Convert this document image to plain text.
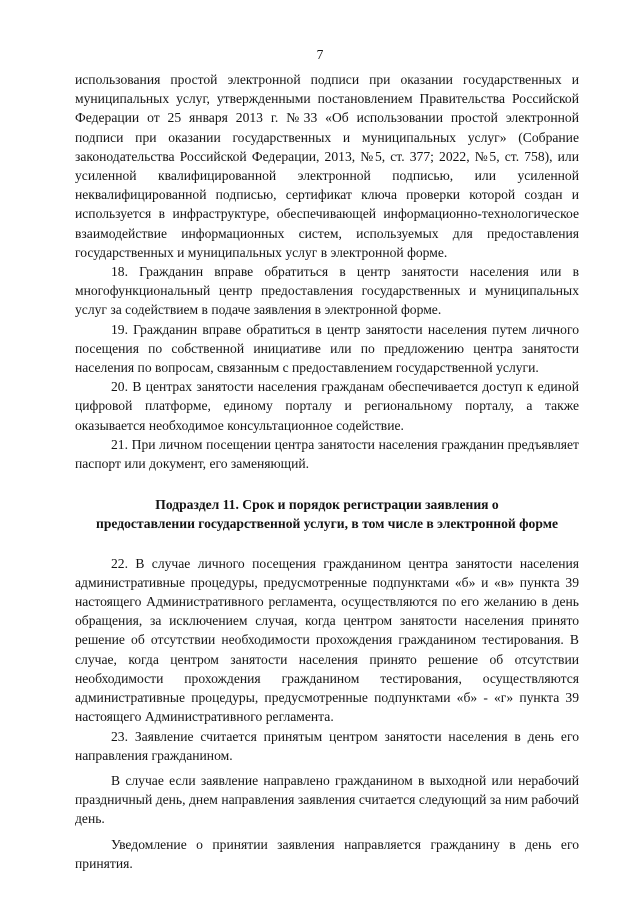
7

использования простой электронной подписи при оказании государственных и муниципальных услуг, утвержденными постановлением Правительства Российской Федерации от 25 января 2013 г. №33 «Об использовании простой электронной подписи при оказании государственных и муниципальных услуг» (Собрание законодательства Российской Федерации, 2013, №5, ст. 377; 2022, №5, ст. 758), или усиленной квалифицированной электронной подписью, или усиленной неквалифицированной подписью, сертификат ключа проверки которой создан и используется в инфраструктуре, обеспечивающей информационно-технологическое взаимодействие информационных систем, используемых для предоставления государственных и муниципальных услуг в электронной форме.

18. Гражданин вправе обратиться в центр занятости населения или в многофункциональный центр предоставления государственных и муниципальных услуг за содействием в подаче заявления в электронной форме.

19. Гражданин вправе обратиться в центр занятости населения путем личного посещения по собственной инициативе или по предложению центра занятости населения по вопросам, связанным с предоставлением государственной услуги.

20. В центрах занятости населения гражданам обеспечивается доступ к единой цифровой платформе, единому порталу и региональному порталу, а также оказывается необходимое консультационное содействие.

21. При личном посещении центра занятости населения гражданин предъявляет паспорт или документ, его заменяющий.

Подраздел 11. Срок и порядок регистрации заявления о
предоставлении государственной услуги, в том числе в электронной форме

22. В случае личного посещения гражданином центра занятости населения административные процедуры, предусмотренные подпунктами «б» и «в» пункта 39 настоящего Административного регламента, осуществляются по его желанию в день обращения, за исключением случая, когда центром занятости населения принято решение об отсутствии необходимости прохождения гражданином тестирования. В случае, когда центром занятости населения принято решение об отсутствии необходимости прохождения гражданином тестирования, осуществляются административные процедуры, предусмотренные подпунктами «б» - «г» пункта 39 настоящего Административного регламента.

23. Заявление считается принятым центром занятости населения в день его направления гражданином.

В случае если заявление направлено гражданином в выходной или нерабочий праздничный день, днем направления заявления считается следующий за ним рабочий день.

Уведомление о принятии заявления направляется гражданину в день его принятия.
